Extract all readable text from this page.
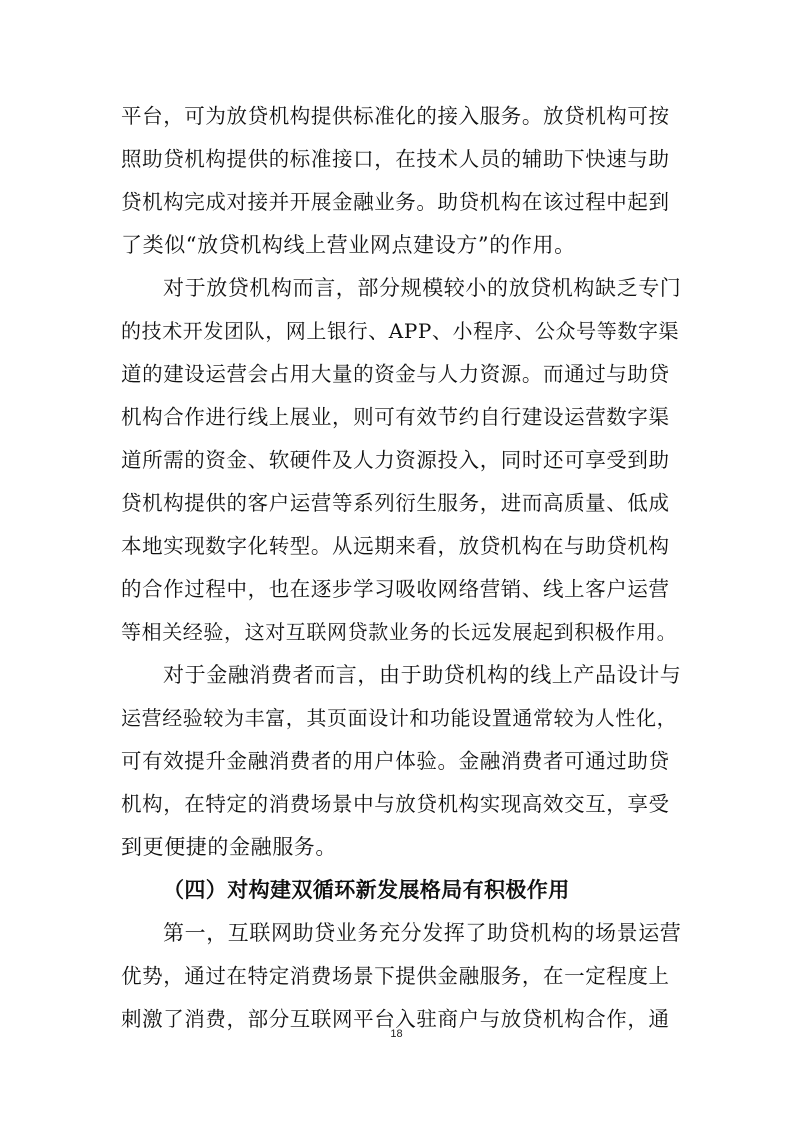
平台，可为放贷机构提供标准化的接入服务。放贷机构可按
照助贷机构提供的标准接口，在技术人员的辅助下快速与助
贷机构完成对接并开展金融业务。助贷机构在该过程中起到
了类似“放贷机构线上营业网点建设方”的作用。
对于放贷机构而言，部分规模较小的放贷机构缺乏专门
的技术开发团队，网上银行、APP、小程序、公众号等数字渠
道的建设运营会占用大量的资金与人力资源。而通过与助贷
机构合作进行线上展业，则可有效节约自行建设运营数字渠
道所需的资金、软硬件及人力资源投入，同时还可享受到助
贷机构提供的客户运营等系列衍生服务，进而高质量、低成
本地实现数字化转型。从远期来看，放贷机构在与助贷机构
的合作过程中，也在逐步学习吸收网络营销、线上客户运营
等相关经验，这对互联网贷款业务的长远发展起到积极作用。
对于金融消费者而言，由于助贷机构的线上产品设计与
运营经验较为丰富，其页面设计和功能设置通常较为人性化，
可有效提升金融消费者的用户体验。金融消费者可通过助贷
机构，在特定的消费场景中与放贷机构实现高效交互，享受
到更便捷的金融服务。
（四）对构建双循环新发展格局有积极作用
第一，互联网助贷业务充分发挥了助贷机构的场景运营
优势，通过在特定消费场景下提供金融服务，在一定程度上
刺激了消费，部分互联网平台入驻商户与放贷机构合作，通
18
